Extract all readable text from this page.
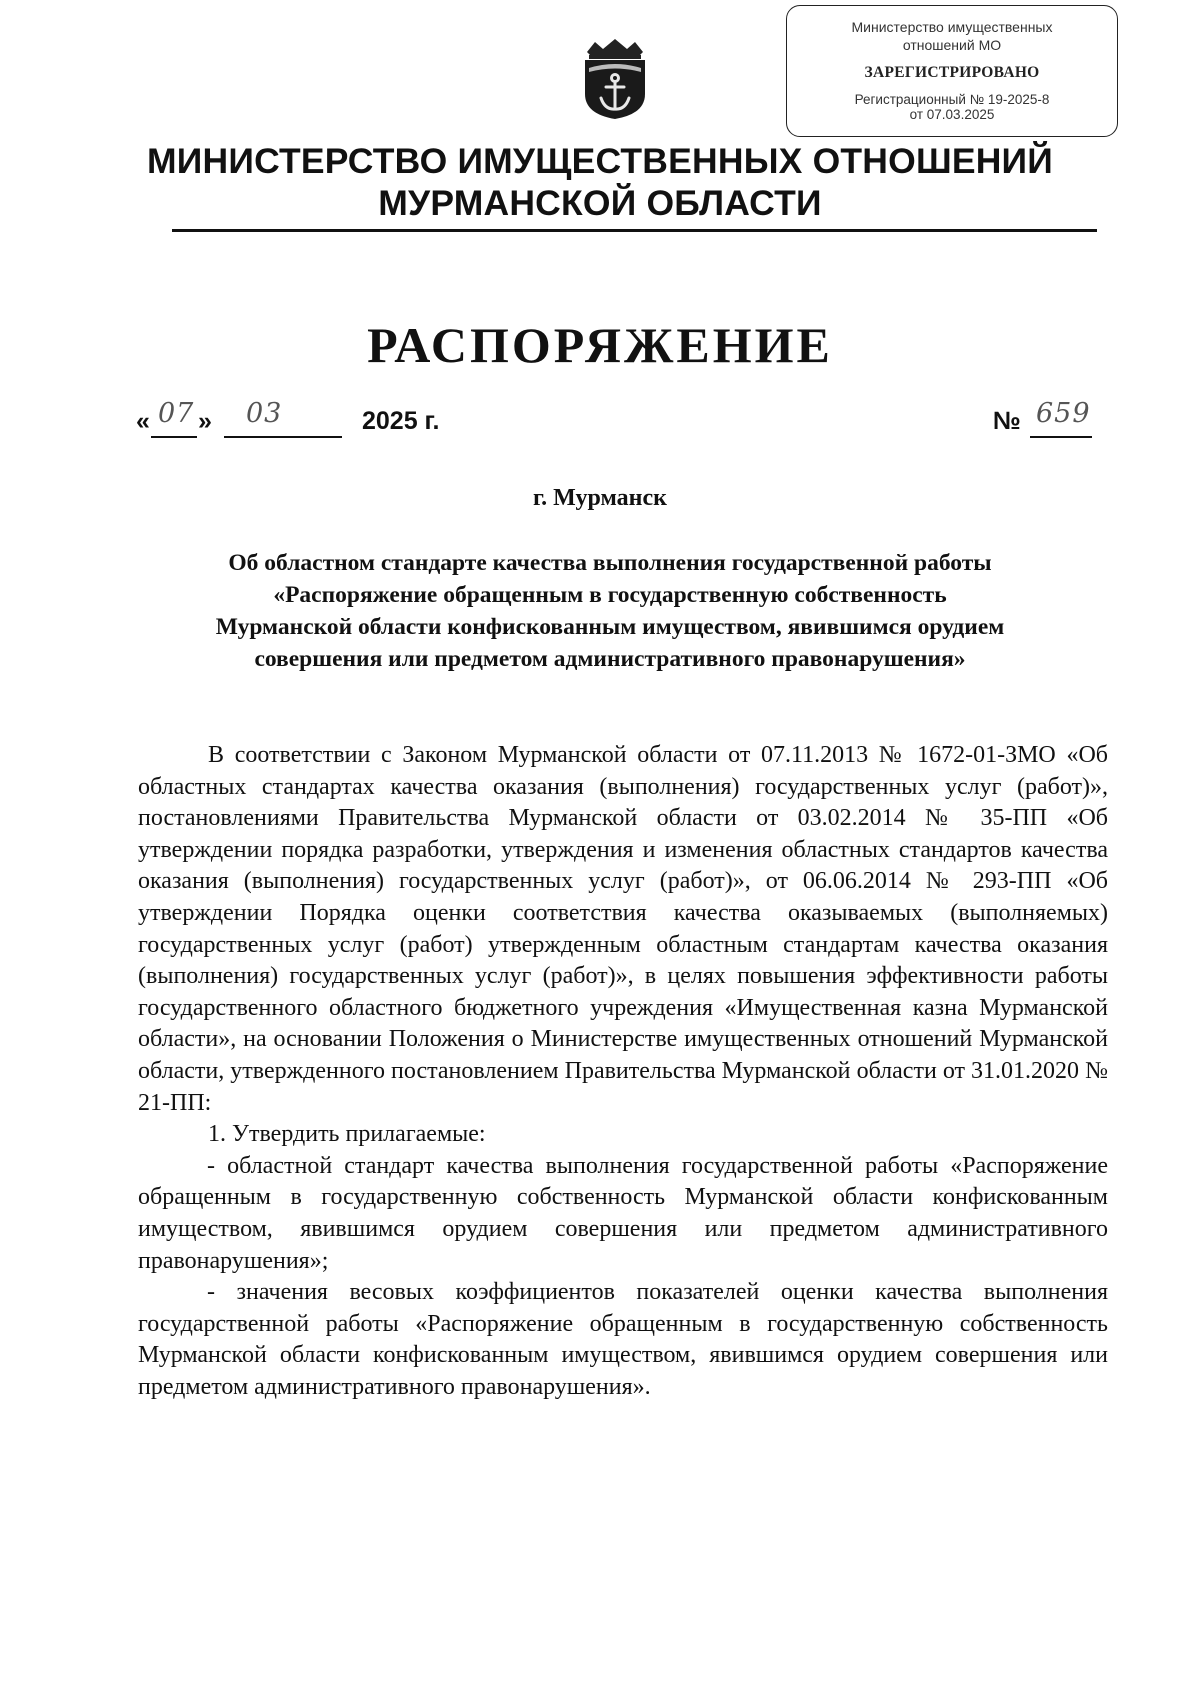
Министерство имущественных
отношений МО
ЗАРЕГИСТРИРОВАНО
Регистрационный № 19-2025-8
от 07.03.2025
МИНИСТЕРСТВО ИМУЩЕСТВЕННЫХ ОТНОШЕНИЙ
МУРМАНСКОЙ ОБЛАСТИ
РАСПОРЯЖЕНИЕ
« 07 » 03	2025 г.	№ 659
г. Мурманск
Об областном стандарте качества выполнения государственной работы
«Распоряжение обращенным в государственную собственность
Мурманской области конфискованным имуществом, явившимся орудием
совершения или предметом административного правонарушения»

В соответствии с Законом Мурманской области от 07.11.2013 № 1672-01-ЗМО «Об областных стандартах качества оказания (выполнения) государственных услуг (работ)», постановлениями Правительства Мурманской области от 03.02.2014 № 35-ПП «Об утверждении порядка разработки, утверждения и изменения областных стандартов качества оказания (выполнения) государственных услуг (работ)», от 06.06.2014 № 293-ПП «Об утверждении Порядка оценки соответствия качества оказываемых (выполняемых) государственных услуг (работ) утвержденным областным стандартам качества оказания (выполнения) государственных услуг (работ)», в целях повышения эффективности работы государственного областного бюджетного учреждения «Имущественная казна Мурманской области», на основании Положения о Министерстве имущественных отношений Мурманской области, утвержденного постановлением Правительства Мурманской области от 31.01.2020 № 21-ПП:

1. Утвердить прилагаемые:

- областной стандарт качества выполнения государственной работы «Распоряжение обращенным в государственную собственность Мурманской области конфискованным имуществом, явившимся орудием совершения или предметом административного правонарушения»;

- значения весовых коэффициентов показателей оценки качества выполнения государственной работы «Распоряжение обращенным в государственную собственность Мурманской области конфискованным имуществом, явившимся орудием совершения или предметом административного правонарушения».
